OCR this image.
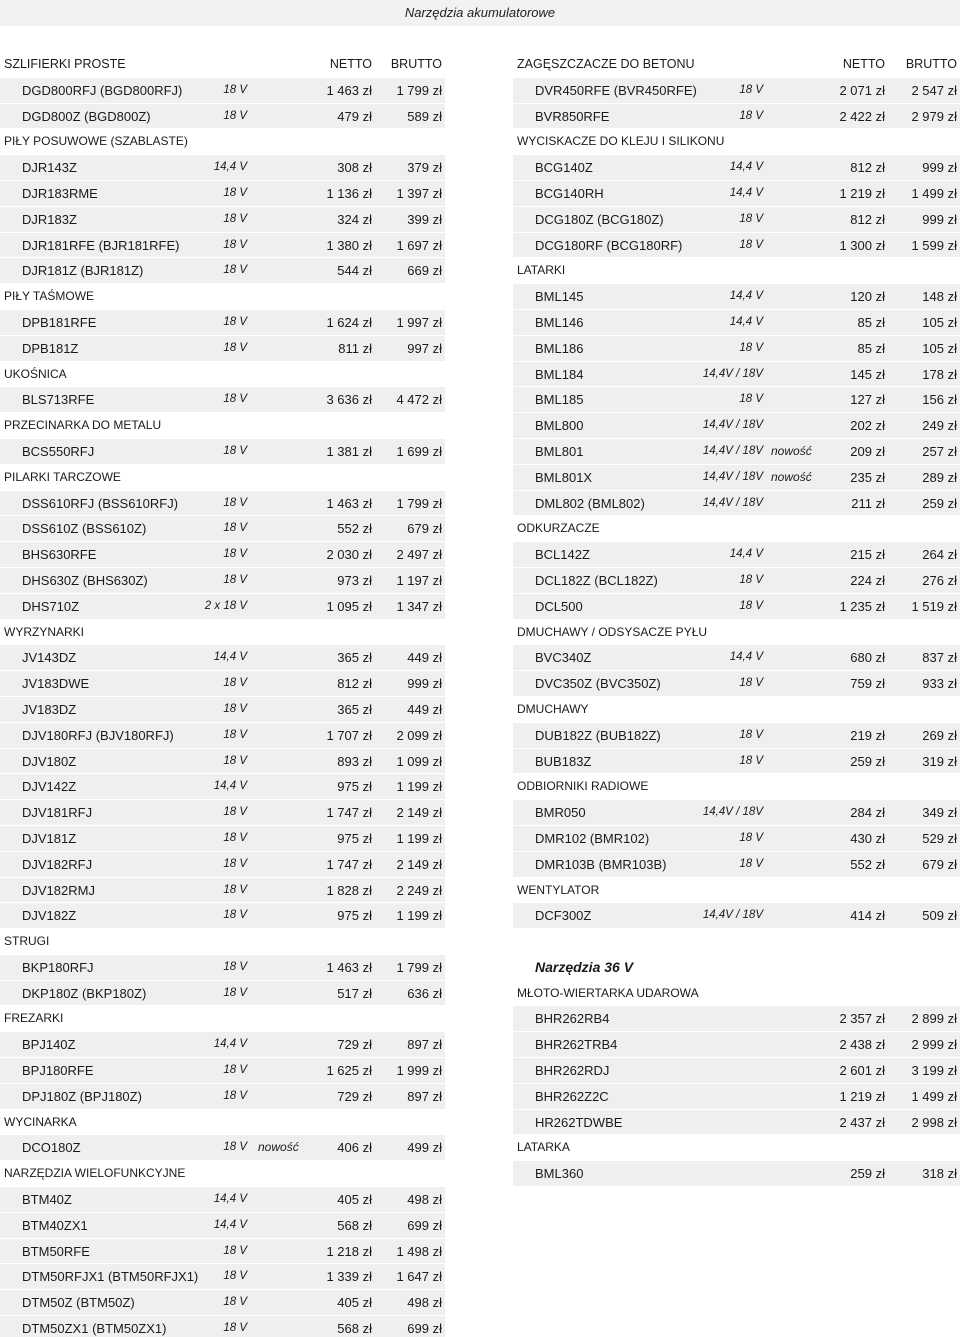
Narzędzia akumulatorowe
SZLIFIERKI PROSTE	NETTO	BRUTTO
DGD800RFJ (BGD800RFJ)	18 V	1 463 zł	1 799 zł
DGD800Z (BGD800Z)	18 V	479 zł	589 zł
PIŁY POSUWOWE (SZABLASTE)
DJR143Z	14,4 V	308 zł	379 zł
DJR183RME	18 V	1 136 zł	1 397 zł
DJR183Z	18 V	324 zł	399 zł
DJR181RFE (BJR181RFE)	18 V	1 380 zł	1 697 zł
DJR181Z (BJR181Z)	18 V	544 zł	669 zł
PIŁY TAŚMOWE
DPB181RFE	18 V	1 624 zł	1 997 zł
DPB181Z	18 V	811 zł	997 zł
UKOŚNICA
BLS713RFE	18 V	3 636 zł	4 472 zł
PRZECINARKA DO METALU
BCS550RFJ	18 V	1 381 zł	1 699 zł
PILARKI TARCZOWE
DSS610RFJ (BSS610RFJ)	18 V	1 463 zł	1 799 zł
DSS610Z (BSS610Z)	18 V	552 zł	679 zł
BHS630RFE	18 V	2 030 zł	2 497 zł
DHS630Z (BHS630Z)	18 V	973 zł	1 197 zł
DHS710Z	2 x 18 V	1 095 zł	1 347 zł
WYRZYNARKI
JV143DZ	14,4 V	365 zł	449 zł
JV183DWE	18 V	812 zł	999 zł
JV183DZ	18 V	365 zł	449 zł
DJV180RFJ (BJV180RFJ)	18 V	1 707 zł	2 099 zł
DJV180Z	18 V	893 zł	1 099 zł
DJV142Z	14,4 V	975 zł	1 199 zł
DJV181RFJ	18 V	1 747 zł	2 149 zł
DJV181Z	18 V	975 zł	1 199 zł
DJV182RFJ	18 V	1 747 zł	2 149 zł
DJV182RMJ	18 V	1 828 zł	2 249 zł
DJV182Z	18 V	975 zł	1 199 zł
STRUGI
BKP180RFJ	18 V	1 463 zł	1 799 zł
DKP180Z (BKP180Z)	18 V	517 zł	636 zł
FREZARKI
BPJ140Z	14,4 V	729 zł	897 zł
BPJ180RFE	18 V	1 625 zł	1 999 zł
DPJ180Z (BPJ180Z)	18 V	729 zł	897 zł
WYCINARKA
DCO180Z	18 V nowość	406 zł	499 zł
NARZĘDZIA WIELOFUNKCYJNE
BTM40Z	14,4 V	405 zł	498 zł
BTM40ZX1	14,4 V	568 zł	699 zł
BTM50RFE	18 V	1 218 zł	1 498 zł
DTM50RFJX1 (BTM50RFJX1)	18 V	1 339 zł	1 647 zł
DTM50Z (BTM50Z)	18 V	405 zł	498 zł
DTM50ZX1 (BTM50ZX1)	18 V	568 zł	699 zł
ZAGĘSZCZACZE DO BETONU	NETTO	BRUTTO
DVR450RFE (BVR450RFE)	18 V	2 071 zł	2 547 zł
BVR850RFE	18 V	2 422 zł	2 979 zł
WYCISKACZE DO KLEJU I SILIKONU
BCG140Z	14,4 V	812 zł	999 zł
BCG140RH	14,4 V	1 219 zł	1 499 zł
DCG180Z (BCG180Z)	18 V	812 zł	999 zł
DCG180RF (BCG180RF)	18 V	1 300 zł	1 599 zł
LATARKI
BML145	14,4 V	120 zł	148 zł
BML146	14,4 V	85 zł	105 zł
BML186	18 V	85 zł	105 zł
BML184	14,4V / 18V	145 zł	178 zł
BML185	18 V	127 zł	156 zł
BML800	14,4V / 18V	202 zł	249 zł
BML801	14,4V / 18V nowość	209 zł	257 zł
BML801X	14,4V / 18V nowość	235 zł	289 zł
DML802 (BML802)	14,4V / 18V	211 zł	259 zł
ODKURZACZE
BCL142Z	14,4 V	215 zł	264 zł
DCL182Z (BCL182Z)	18 V	224 zł	276 zł
DCL500	18 V	1 235 zł	1 519 zł
DMUCHAWY / ODSYSACZE PYŁU
BVC340Z	14,4 V	680 zł	837 zł
DVC350Z (BVC350Z)	18 V	759 zł	933 zł
DMUCHAWY
DUB182Z (BUB182Z)	18 V	219 zł	269 zł
BUB183Z	18 V	259 zł	319 zł
ODBIORNIKI RADIOWE
BMR050	14,4V / 18V	284 zł	349 zł
DMR102 (BMR102)	18 V	430 zł	529 zł
DMR103B (BMR103B)	18 V	552 zł	679 zł
WENTYLATOR
DCF300Z	14,4V / 18V	414 zł	509 zł
Narzędzia 36 V
MŁOTO-WIERTARKA UDAROWA
BHR262RB4	2 357 zł	2 899 zł
BHR262TRB4	2 438 zł	2 999 zł
BHR262RDJ	2 601 zł	3 199 zł
BHR262Z2C	1 219 zł	1 499 zł
HR262TDWBE	2 437 zł	2 998 zł
LATARKA
BML360	259 zł	318 zł
